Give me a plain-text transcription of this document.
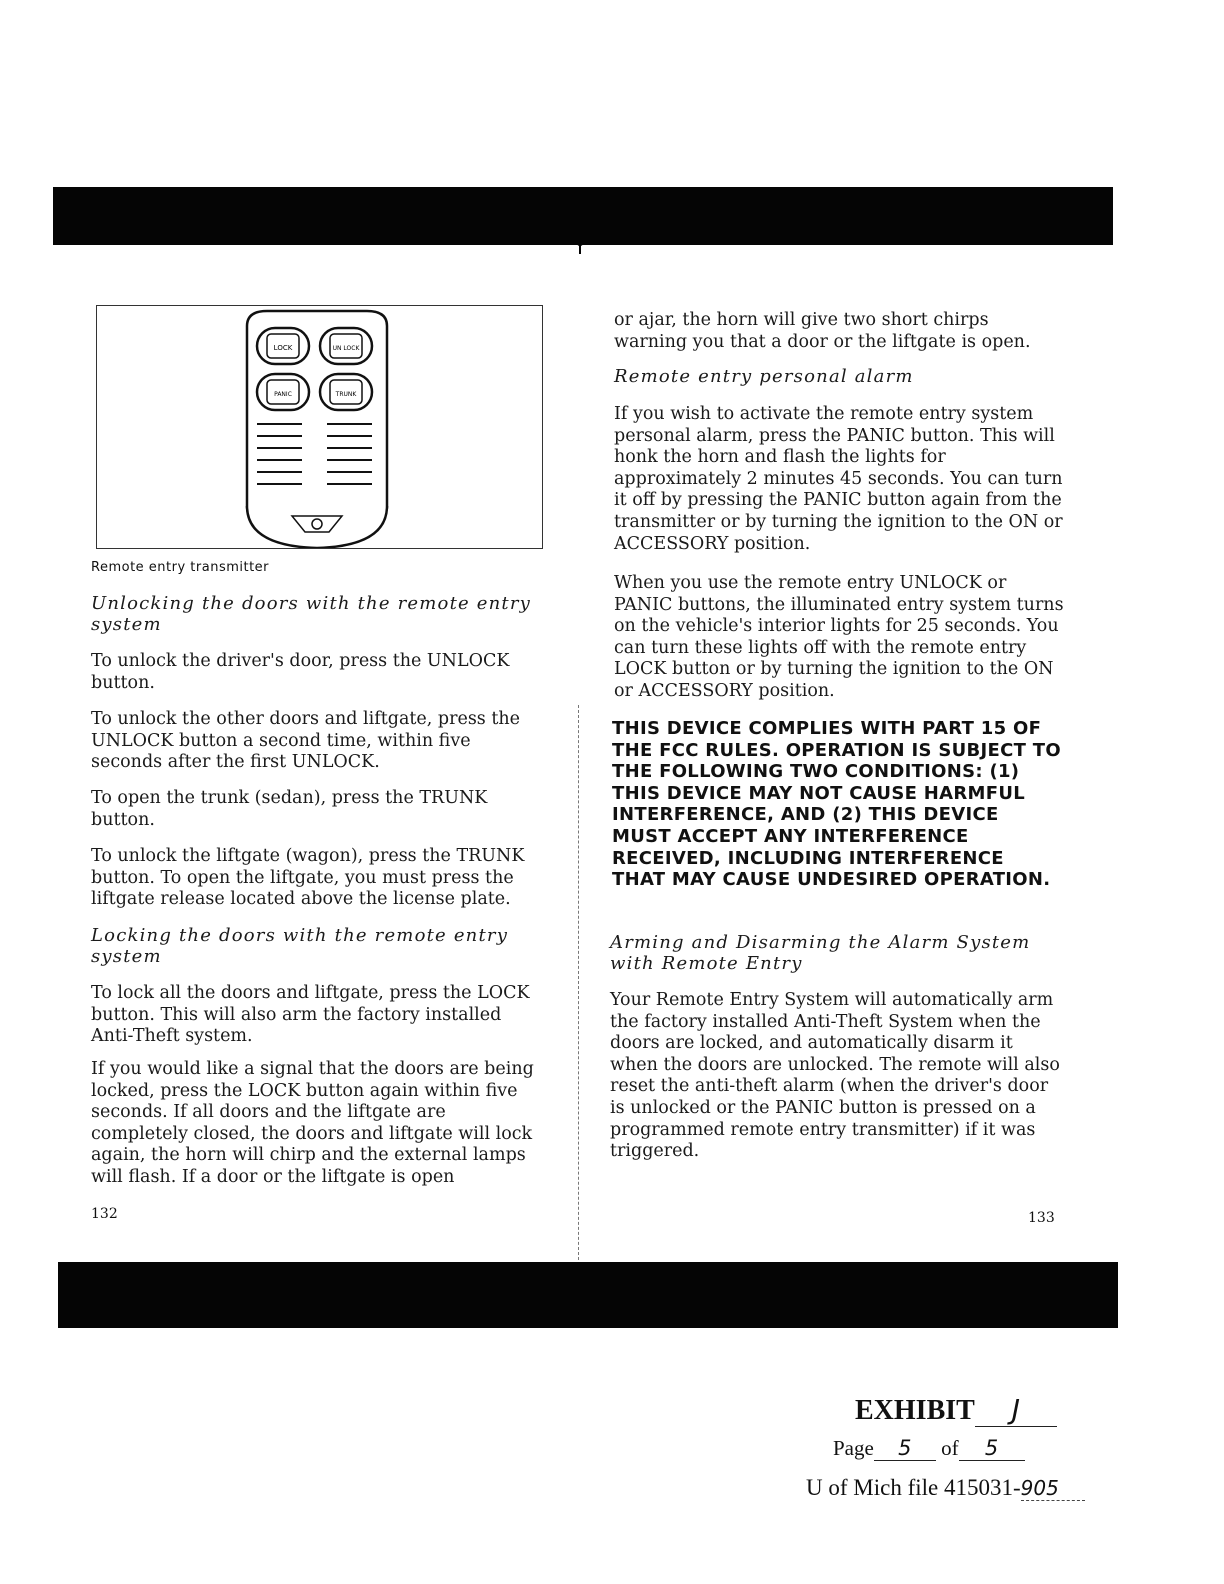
LOCK	UN LOCK
PANIC	TRUNK
Remote entry transmitter
Unlocking the doors with the remote entry system
To unlock the driver's door, press the UNLOCK button.
To unlock the other doors and liftgate, press the UNLOCK button a second time, within five seconds after the first UNLOCK.
To open the trunk (sedan), press the TRUNK button.
To unlock the liftgate (wagon), press the TRUNK button. To open the liftgate, you must press the liftgate release located above the license plate.
Locking the doors with the remote entry system
To lock all the doors and liftgate, press the LOCK button. This will also arm the factory installed Anti-Theft system.
If you would like a signal that the doors are being locked, press the LOCK button again within five seconds. If all doors and the liftgate are completely closed, the doors and liftgate will lock again, the horn will chirp and the external lamps will flash. If a door or the liftgate is open
132
or ajar, the horn will give two short chirps warning you that a door or the liftgate is open.
Remote entry personal alarm
If you wish to activate the remote entry system personal alarm, press the PANIC button. This will honk the horn and flash the lights for approximately 2 minutes 45 seconds. You can turn it off by pressing the PANIC button again from the transmitter or by turning the ignition to the ON or ACCESSORY position.
When you use the remote entry UNLOCK or PANIC buttons, the illuminated entry system turns on the vehicle's interior lights for 25 seconds. You can turn these lights off with the remote entry LOCK button or by turning the ignition to the ON or ACCESSORY position.
THIS DEVICE COMPLIES WITH PART 15 OF THE FCC RULES. OPERATION IS SUBJECT TO THE FOLLOWING TWO CONDITIONS: (1) THIS DEVICE MAY NOT CAUSE HARMFUL INTERFERENCE, AND (2) THIS DEVICE MUST ACCEPT ANY INTERFERENCE RECEIVED, INCLUDING INTERFERENCE THAT MAY CAUSE UNDESIRED OPERATION.
Arming and Disarming the Alarm System with Remote Entry
Your Remote Entry System will automatically arm the factory installed Anti-Theft System when the doors are locked, and automatically disarm it when the doors are unlocked. The remote will also reset the anti-theft alarm (when the driver's door is unlocked or the PANIC button is pressed on a programmed remote entry transmitter) if it was triggered.
133
EXHIBIT J
Page 5 of 5
U of Mich file 415031-905
